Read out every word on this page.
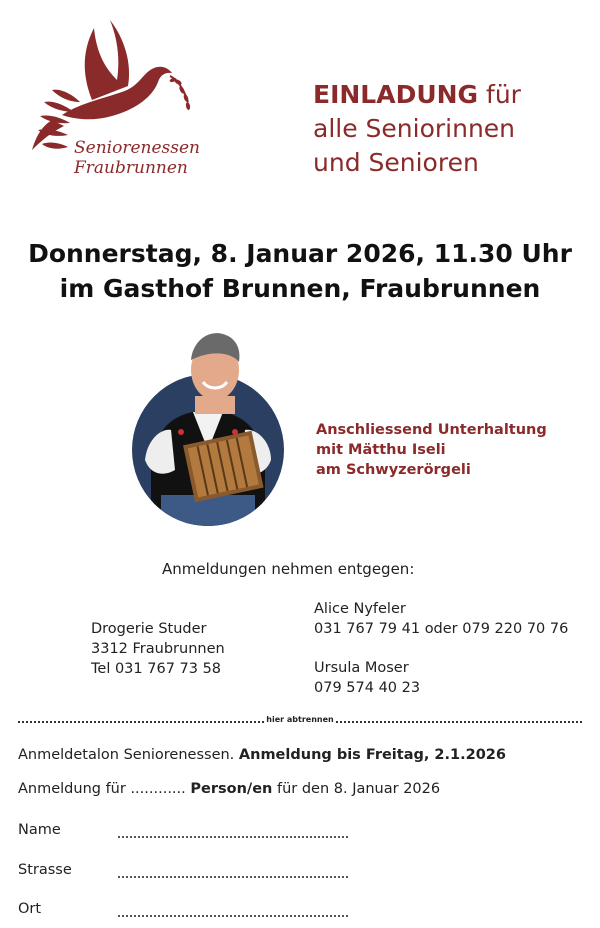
Seniorenessen
Fraubrunnen
EINLADUNG für
alle Seniorinnen
und Senioren
Donnerstag, 8. Januar 2026, 11.30 Uhr
im Gasthof Brunnen, Fraubrunnen
Anschliessend Unterhaltung
mit Mätthu Iseli
am Schwyzerörgeli
Anmeldungen nehmen entgegen:
Drogerie Studer
3312 Fraubrunnen
Tel 031 767 73 58
Alice Nyfeler
031 767 79 41 oder 079 220 70 76
Ursula Moser
079 574 40 23
hier abtrennen
Anmeldetalon Seniorenessen. Anmeldung bis Freitag, 2.1.2026
Anmeldung für ............ Person/en für den 8. Januar 2026
Name
Strasse
Ort
